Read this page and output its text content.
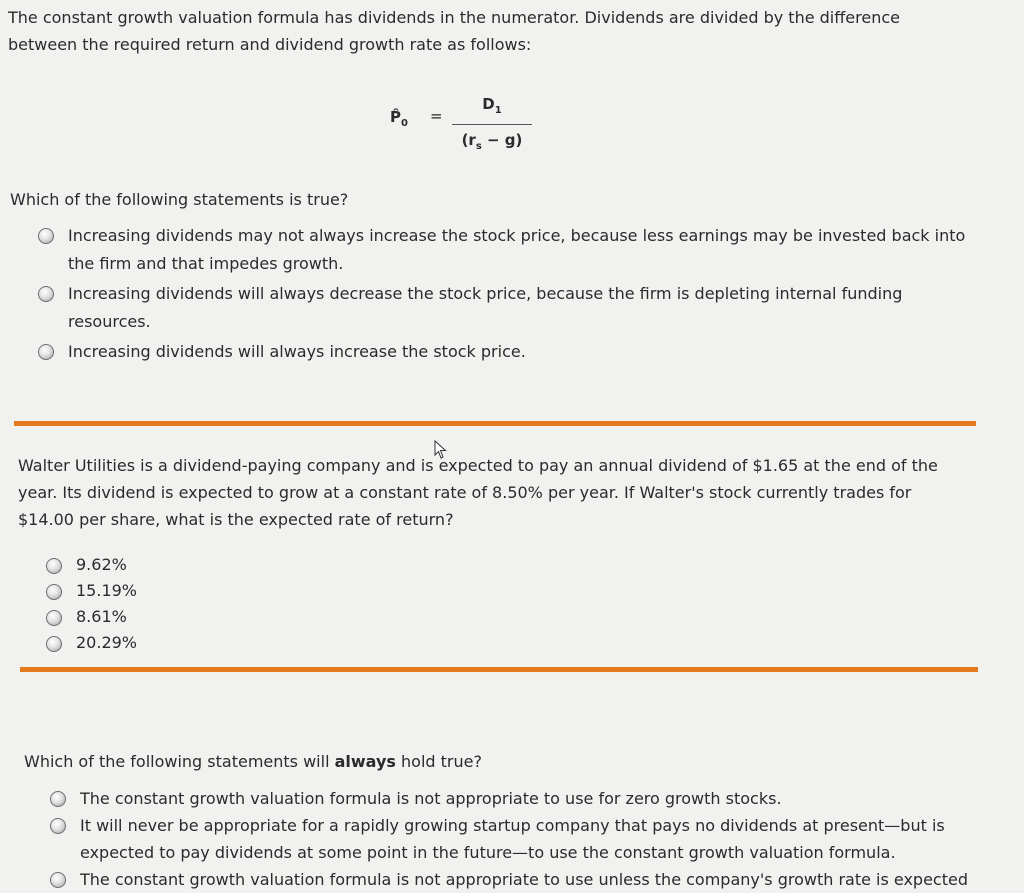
The constant growth valuation formula has dividends in the numerator. Dividends are divided by the difference between the required return and dividend growth rate as follows:
$P̂_0$ =
$D_1$
$(r_s - g)$
Which of the following statements is true?
Increasing dividends may not always increase the stock price, because less earnings may be invested back into the firm and that impedes growth.
Increasing dividends will always decrease the stock price, because the firm is depleting internal funding resources.
Increasing dividends will always increase the stock price.
Walter Utilities is a dividend-paying company and is expected to pay an annual dividend of $1.65 at the end of the year. Its dividend is expected to grow at a constant rate of 8.50% per year. If Walter's stock currently trades for $14.00 per share, what is the expected rate of return?
9.62%
15.19%
8.61%
20.29%
Which of the following statements will always hold true?
The constant growth valuation formula is not appropriate to use for zero growth stocks.
It will never be appropriate for a rapidly growing startup company that pays no dividends at present—but is expected to pay dividends at some point in the future—to use the constant growth valuation formula.
The constant growth valuation formula is not appropriate to use unless the company's growth rate is expected
